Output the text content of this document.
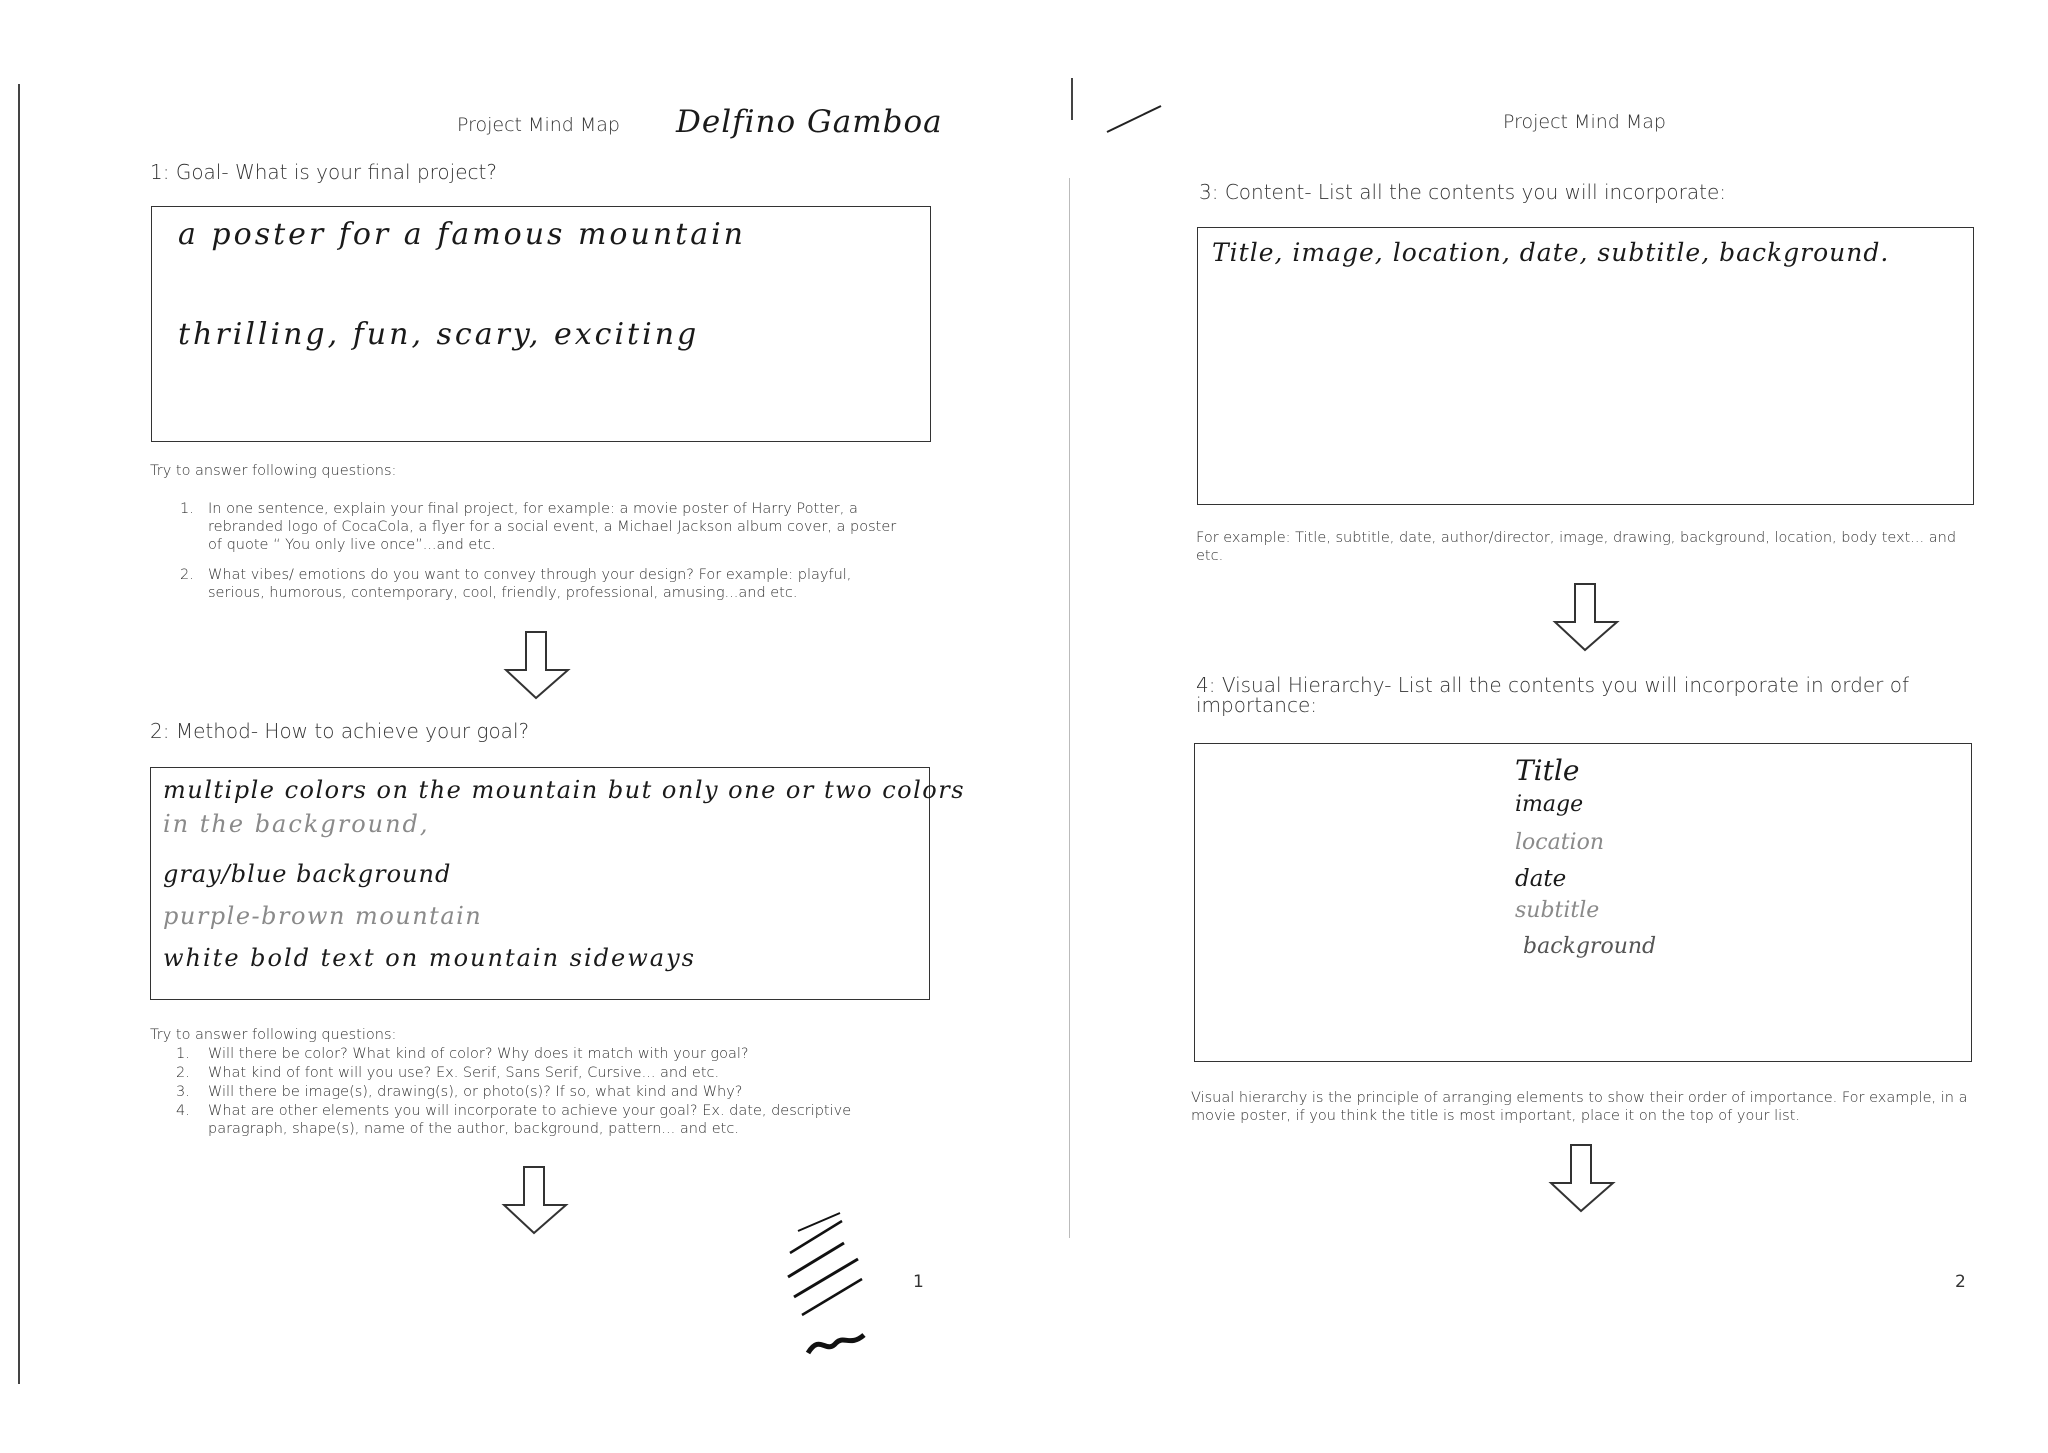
Project Mind Map Delfino Gamboa
1: Goal- What is your final project?
a poster for a famous mountain
thrilling, fun, scary, exciting
Try to answer following questions:
1. In one sentence, explain your final project, for example: a movie poster of Harry Potter, a rebranded logo of CocaCola, a flyer for a social event, a Michael Jackson album cover, a poster of quote “ You only live once”...and etc.
2. What vibes/ emotions do you want to convey through your design? For example: playful, serious, humorous, contemporary, cool, friendly, professional, amusing...and etc.
2: Method- How to achieve your goal?
multiple colors on the mountain but only one or two colors
in the background,
gray/blue background
purple-brown mountain
white bold text on mountain sideways
Try to answer following questions:
1. Will there be color? What kind of color? Why does it match with your goal?
2. What kind of font will you use? Ex. Serif, Sans Serif, Cursive... and etc.
3. Will there be image(s), drawing(s), or photo(s)? If so, what kind and Why?
4. What are other elements you will incorporate to achieve your goal? Ex. date, descriptive paragraph, shape(s), name of the author, background, pattern... and etc.
1
Project Mind Map
3: Content- List all the contents you will incorporate:
Title, image, location, date, subtitle, background.
For example: Title, subtitle, date, author/director, image, drawing, background, location, body text... and etc.
4: Visual Hierarchy- List all the contents you will incorporate in order of importance:
Title
image
location
date
subtitle
background
Visual hierarchy is the principle of arranging elements to show their order of importance. For example, in a movie poster, if you think the title is most important, place it on the top of your list.
2
